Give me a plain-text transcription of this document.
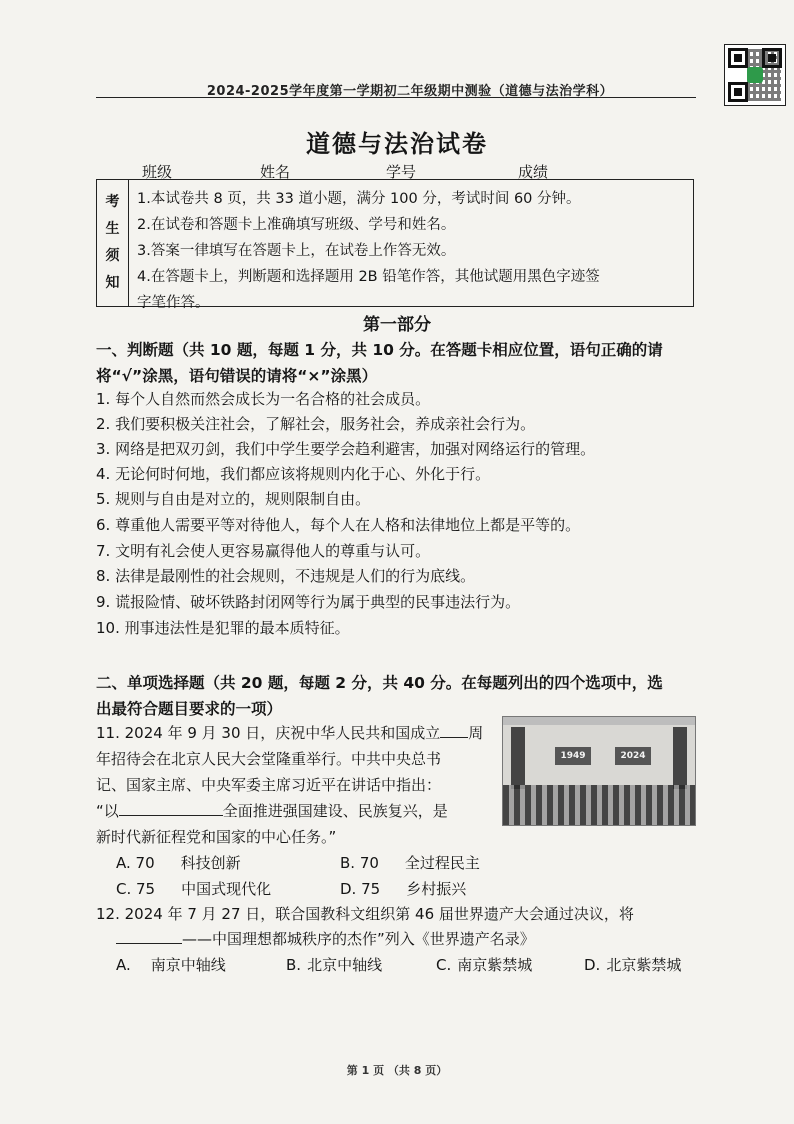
2024-2025学年度第一学期初二年级期中测验（道德与法治学科）
道德与法治试卷
班级	姓名	学号	成绩
考
生
须
知
1.本试卷共 8 页，共 33 道小题，满分 100 分，考试时间 60 分钟。
2.在试卷和答题卡上准确填写班级、学号和姓名。
3.答案一律填写在答题卡上，在试卷上作答无效。
4.在答题卡上，判断题和选择题用 2B 铅笔作答，其他试题用黑色字迹签
字笔作答。
第一部分
一、判断题（共 10 题，每题 1 分，共 10 分。在答题卡相应位置，语句正确的请
将“√”涂黑，语句错误的请将“×”涂黑）
1. 每个人自然而然会成长为一名合格的社会成员。
2. 我们要积极关注社会，了解社会，服务社会，养成亲社会行为。
3. 网络是把双刃剑，我们中学生要学会趋利避害，加强对网络运行的管理。
4. 无论何时何地，我们都应该将规则内化于心、外化于行。
5. 规则与自由是对立的，规则限制自由。
6. 尊重他人需要平等对待他人，每个人在人格和法律地位上都是平等的。
7. 文明有礼会使人更容易赢得他人的尊重与认可。
8. 法律是最刚性的社会规则，不违规是人们的行为底线。
9. 谎报险情、破坏铁路封闭网等行为属于典型的民事违法行为。
10. 刑事违法性是犯罪的最本质特征。
二、单项选择题（共 20 题，每题 2 分，共 40 分。在每题列出的四个选项中，选
出最符合题目要求的一项）
11. 2024 年 9 月 30 日，庆祝中华人民共和国成立 周
年招待会在北京人民大会堂隆重举行。中共中央总书
记、国家主席、中央军委主席习近平在讲话中指出：
“以	全面推进强国建设、民族复兴，是
新时代新征程党和国家的中心任务。”
1949	2024
A. 70 科技创新	B. 70 全过程民主
C. 75 中国式现代化	D. 75 乡村振兴
12. 2024 年 7 月 27 日，联合国教科文组织第 46 届世界遗产大会通过决议，将
——中国理想都城秩序的杰作”列入《世界遗产名录》
A. 南京中轴线	B. 北京中轴线	C. 南京紫禁城	D. 北京紫禁城
第 1 页 （共 8 页）
